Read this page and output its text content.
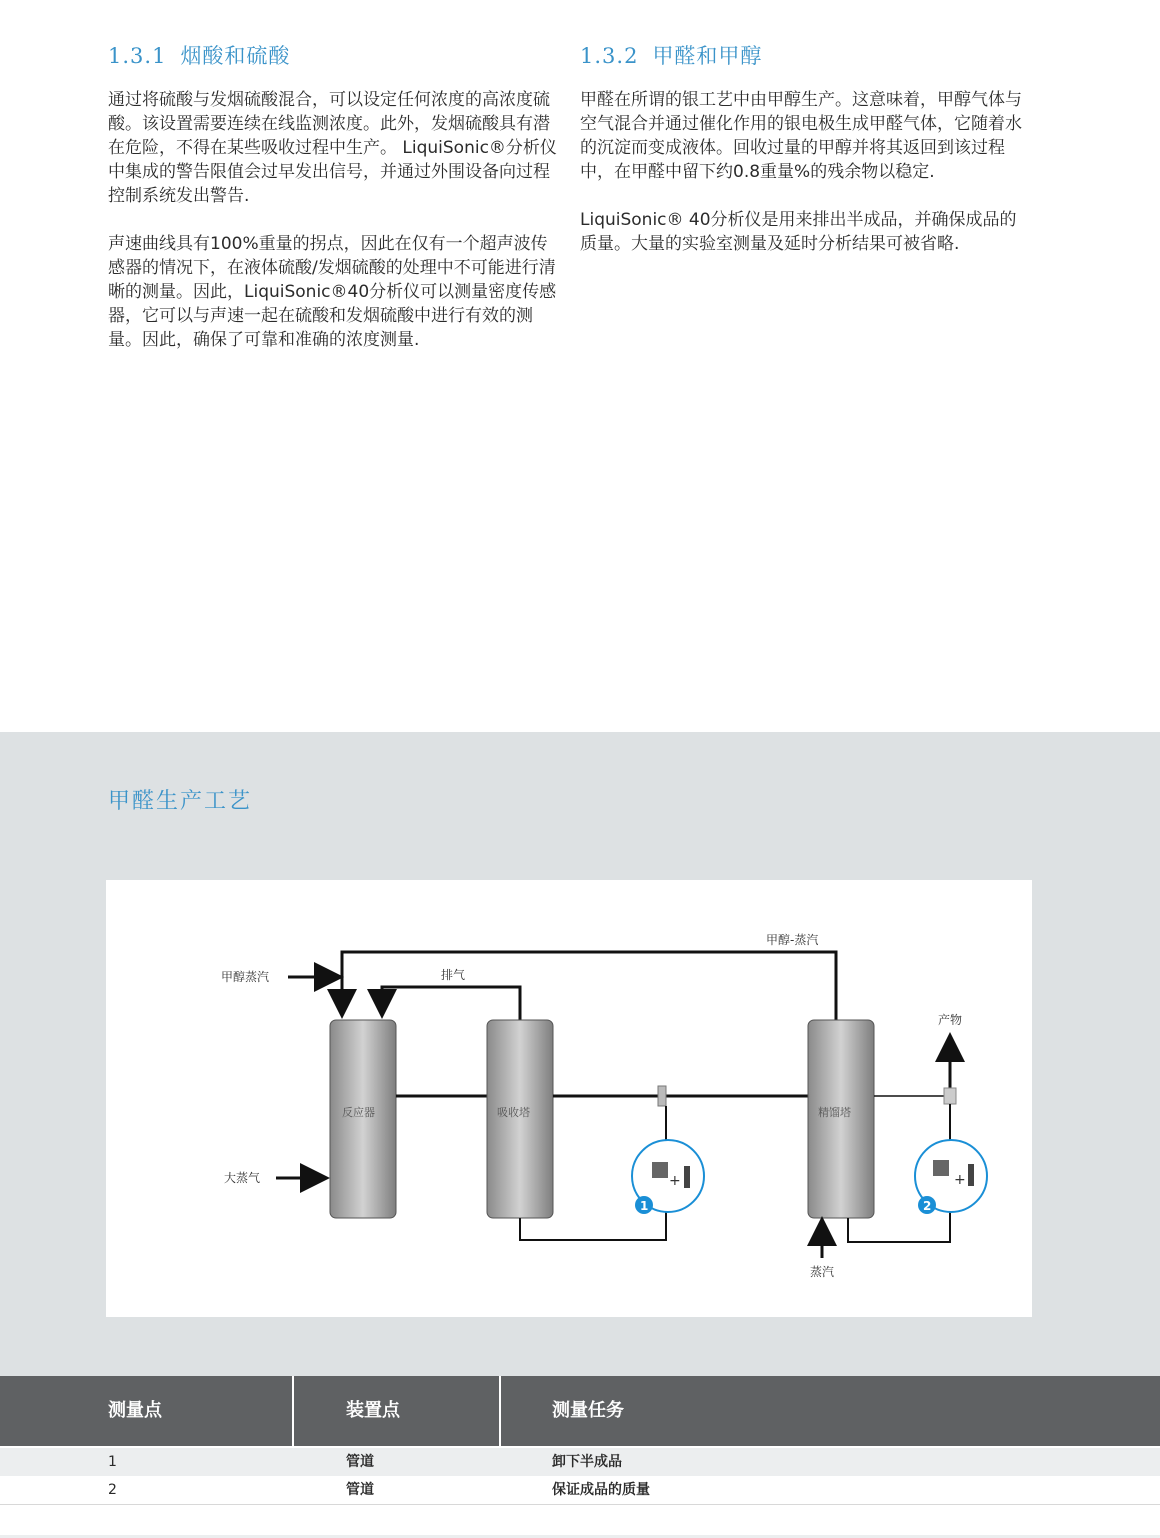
1.3.1 烟酸和硫酸

通过将硫酸与发烟硫酸混合，可以设定任何浓度的高浓度硫酸。该设置需要连续在线监测浓度。此外，发烟硫酸具有潜在危险，不得在某些吸收过程中生产。 LiquiSonic®分析仪中集成的警告限值会过早发出信号，并通过外围设备向过程控制系统发出警告.

声速曲线具有100%重量的拐点，因此在仅有一个超声波传感器的情况下，在液体硫酸/发烟硫酸的处理中不可能进行清晰的测量。因此，LiquiSonic®40分析仪可以测量密度传感器，它可以与声速一起在硫酸和发烟硫酸中进行有效的测量。因此，确保了可靠和准确的浓度测量.

1.3.2 甲醛和甲醇

甲醛在所谓的银工艺中由甲醇生产。这意味着，甲醇气体与空气混合并通过催化作用的银电极生成甲醛气体，它随着水的沉淀而变成液体。回收过量的甲醇并将其返回到该过程中，在甲醛中留下约0.8重量%的残余物以稳定.

LiquiSonic® 40分析仪是用来排出半成品，并确保成品的质量。大量的实验室测量及延时分析结果可被省略.

甲醛生产工艺
甲醇-蒸汽
排气
甲醇蒸汽
大蒸气
反应器	吸收塔
+
1
精馏塔
蒸汽
产物
+
2
测量点	装置点	测量任务
1	管道	卸下半成品
2	管道	保证成品的质量
